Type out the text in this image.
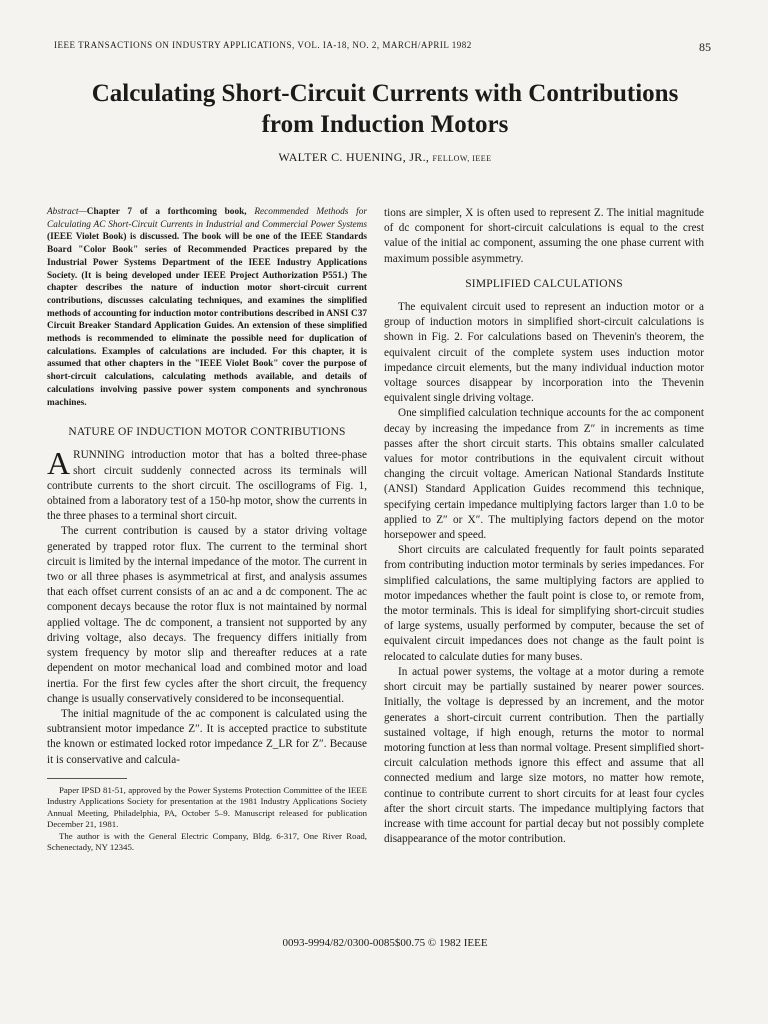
IEEE TRANSACTIONS ON INDUSTRY APPLICATIONS, VOL. IA-18, NO. 2, MARCH/APRIL 1982	85
Calculating Short-Circuit Currents with Contributions
from Induction Motors
WALTER C. HUENING, JR., FELLOW, IEEE
Abstract—Chapter 7 of a forthcoming book, Recommended Methods for Calculating AC Short-Circuit Currents in Industrial and Commercial Power Systems (IEEE Violet Book) is discussed. The book will be one of the IEEE Standards Board "Color Book" series of Recommended Practices prepared by the Industrial Power Systems Department of the IEEE Industry Applications Society. (It is being developed under IEEE Project Authorization P551.) The chapter describes the nature of induction motor short-circuit current contributions, discusses calculating techniques, and examines the simplified methods of accounting for induction motor contributions described in ANSI C37 Circuit Breaker Standard Application Guides. An extension of these simplified methods is recommended to eliminate the possible need for duplication of calculations. Examples of calculations are included. For this chapter, it is assumed that other chapters in the "IEEE Violet Book" cover the purpose of short-circuit calculations, calculating methods available, and details of calculations involving passive power system components and synchronous machines.
NATURE OF INDUCTION MOTOR CONTRIBUTIONS

ARUNNING introduction motor that has a bolted three-phase short circuit suddenly connected across its terminals will contribute currents to the short circuit. The oscillograms of Fig. 1, obtained from a laboratory test of a 150-hp motor, show the currents in the three phases to a terminal short circuit.

The current contribution is caused by a stator driving voltage generated by trapped rotor flux. The current to the terminal short circuit is limited by the internal impedance of the motor. The current in two or all three phases is asymmetrical at first, and analysis assumes that each offset current consists of an ac and a dc component. The ac component decays because the rotor flux is not maintained by normal applied voltage. The dc component, a transient not supported by any driving voltage, also decays. The frequency differs initially from system frequency by motor slip and thereafter reduces at a rate dependent on motor mechanical load and combined motor and load inertia. For the first few cycles after the short circuit, the frequency change is usually conservatively considered to be inconsequential.

The initial magnitude of the ac component is calculated using the subtransient motor impedance Z″. It is accepted practice to substitute the known or estimated locked rotor impedance Z_LR for Z″. Because it is conservative and calcula-

Paper IPSD 81-51, approved by the Power Systems Protection Committee of the IEEE Industry Applications Society for presentation at the 1981 Industry Applications Society Annual Meeting, Philadelphia, PA, October 5–9. Manuscript released for publication December 21, 1981.

The author is with the General Electric Company, Bldg. 6-317, One River Road, Schenectady, NY 12345.

tions are simpler, X is often used to represent Z. The initial magnitude of dc component for short-circuit calculations is equal to the crest value of the initial ac component, assuming the one phase current with maximum possible asymmetry.

SIMPLIFIED CALCULATIONS

The equivalent circuit used to represent an induction motor or a group of induction motors in simplified short-circuit calculations is shown in Fig. 2. For calculations based on Thevenin's theorem, the equivalent circuit of the complete system uses induction motor impedance circuit elements, but the many individual induction motor voltage sources disappear by incorporation into the Thevenin equivalent single driving voltage.

One simplified calculation technique accounts for the ac component decay by increasing the impedance from Z″ in increments as time passes after the short circuit starts. This obtains smaller calculated values for motor contributions in the equivalent circuit without changing the circuit voltage. American National Standards Institute (ANSI) Standard Application Guides recommend this technique, specifying certain impedance multiplying factors larger than 1.0 to be applied to Z″ or X″. The multiplying factors depend on the motor horsepower and speed.

Short circuits are calculated frequently for fault points separated from contributing induction motor terminals by series impedances. For simplified calculations, the same multiplying factors are applied to motor impedances whether the fault point is close to, or remote from, the motor terminals. This is ideal for simplifying short-circuit studies of large systems, usually performed by computer, because the set of equivalent circuit impedances does not change as the fault point is relocated to calculate duties for many buses.

In actual power systems, the voltage at a motor during a remote short circuit may be partially sustained by nearer power sources. Initially, the voltage is depressed by an increment, and the motor generates a short-circuit current contribution. Then the partially sustained voltage, if high enough, returns the motor to normal motoring function at less than normal voltage. Present simplified short-circuit calculation methods ignore this effect and assume that all connected medium and large size motors, no matter how remote, continue to contribute current to short circuits for at least four cycles after the short circuit starts. The impedance multiplying factors that increase with time account for partial decay but not possibly complete disappearance of the motor contribution.

0093-9994/82/0300-0085$00.75 © 1982 IEEE
